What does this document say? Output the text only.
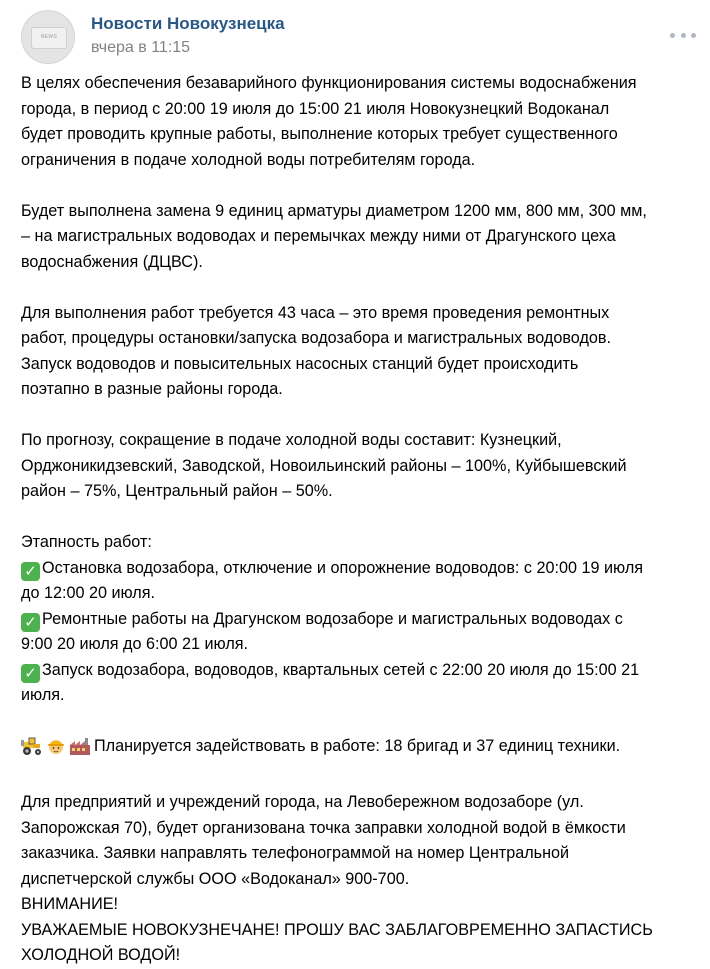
NEWS
Новости Новокузнецка
вчера в 11:15
В целях обеспечения безаварийного функционирования системы водоснабжения
города, в период с 20:00 19 июля до 15:00 21 июля Новокузнецкий Водоканал
будет проводить крупные работы, выполнение которых требует существенного
ограничения в подаче холодной воды потребителям города.
Будет выполнена замена 9 единиц арматуры диаметром 1200 мм, 800 мм, 300 мм,
– на магистральных водоводах и перемычках между ними от Драгунского цеха
водоснабжения (ДЦВС).
Для выполнения работ требуется 43 часа – это время проведения ремонтных
работ, процедуры остановки/запуска водозабора и магистральных водоводов.
Запуск водоводов и повысительных насосных станций будет происходить
поэтапно в разные районы города.
По прогнозу, сокращение в подаче холодной воды составит: Кузнецкий,
Орджоникидзевский, Заводской, Новоильинский районы – 100%, Куйбышевский
район – 75%, Центральный район – 50%.
Этапность работ:
✓ Остановка водозабора, отключение и опорожнение водоводов: с 20:00 19 июля
до 12:00 20 июля.
✓ Ремонтные работы на Драгунском водозаборе и магистральных водоводах с
9:00 20 июля до 6:00 21 июля.
✓ Запуск водозабора, водоводов, квартальных сетей с 22:00 20 июля до 15:00 21
июля.
Планируется задействовать в работе: 18 бригад и 37 единиц техники.
Для предприятий и учреждений города, на Левобережном водозаборе (ул.
Запорожская 70), будет организована точка заправки холодной водой в ёмкости
заказчика. Заявки направлять телефонограммой на номер Центральной
диспетчерской службы ООО «Водоканал» 900-700.
ВНИМАНИЕ!
УВАЖАЕМЫЕ НОВОКУЗНЕЧАНЕ! ПРОШУ ВАС ЗАБЛАГОВРЕМЕННО ЗАПАСТИСЬ
ХОЛОДНОЙ ВОДОЙ!
